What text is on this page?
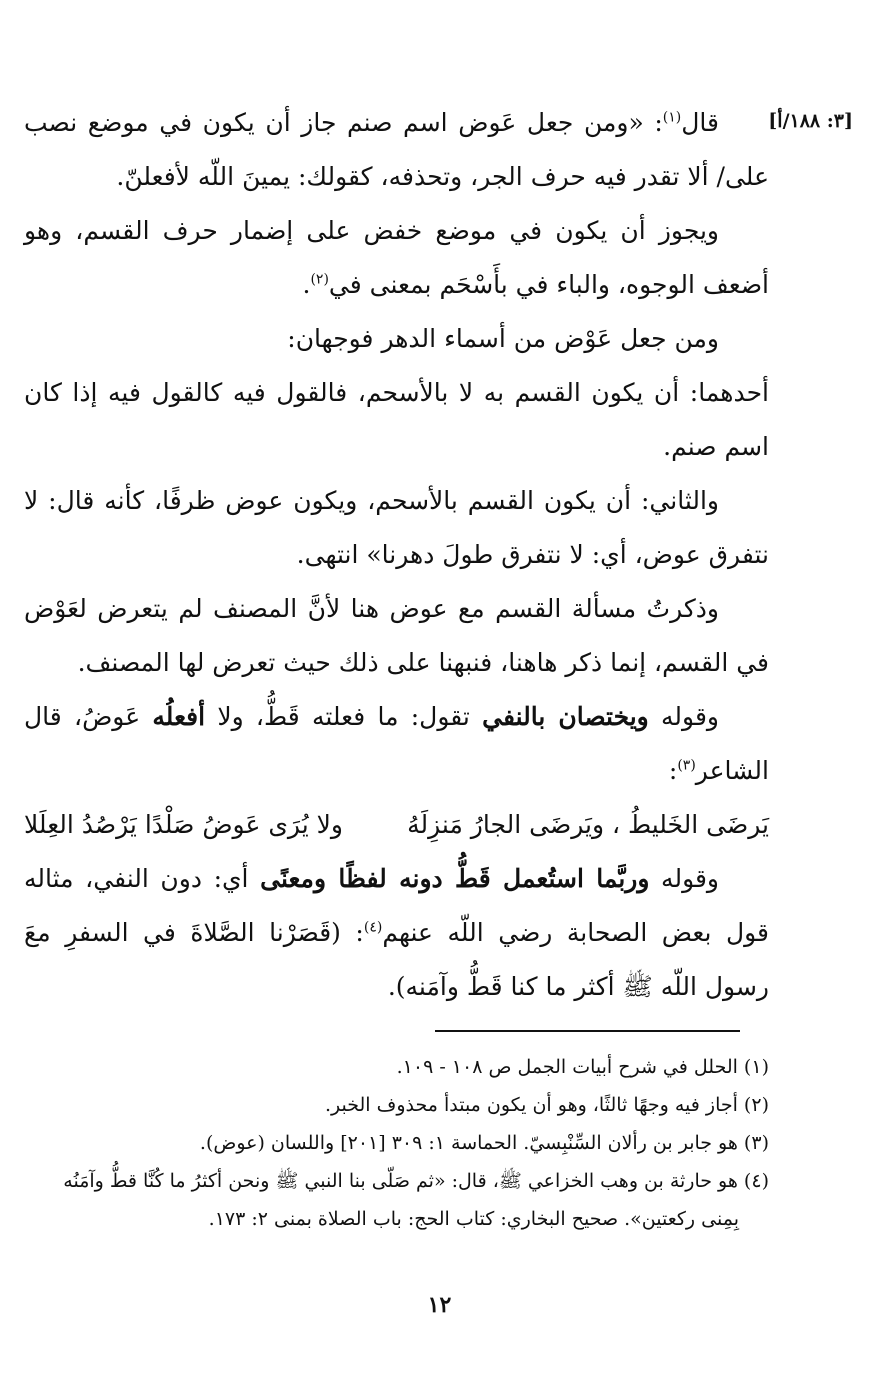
[٣: ١٨٨/أ]

قال$^{(١)}$: «ومن جعل عَوض اسم صنم جاز أن يكون في موضع نصب على/ ألا تقدر فيه حرف الجر، وتحذفه، كقولك: يمينَ اللّه لأفعلنّ.

ويجوز أن يكون في موضع خفض على إضمار حرف القسم، وهو أضعف الوجوه، والباء في بأَسْحَم بمعنى في$^{(٢)}$.

ومن جعل عَوْض من أسماء الدهر فوجهان:

أحدهما: أن يكون القسم به لا بالأسحم، فالقول فيه كالقول فيه إذا كان اسم صنم.

والثاني: أن يكون القسم بالأسحم، ويكون عوض ظرفًا، كأنه قال: لا نتفرق عوض، أي: لا نتفرق طولَ دهرنا» انتهى.

وذكرتُ مسألة القسم مع عوض هنا لأنَّ المصنف لم يتعرض لعَوْض في القسم، إنما ذكر هاهنا، فنبهنا على ذلك حيث تعرض لها المصنف.

وقوله ويختصان بالنفي تقول: ما فعلته قَطُّ، ولا أفعلُه عَوضُ، قال الشاعر$^{(٣)}$:

يَرضَى الخَليطُ ، ويَرضَى الجارُ مَنزِلَهُ
ولا يُرَى عَوضُ صَلْدًا يَرْصُدُ العِلَلا

وقوله وربَّما استُعمل قَطُّ دونه لفظًا ومعنًى أي: دون النفي، مثاله قول بعض الصحابة رضي اللّه عنهم$^{(٤)}$: (قَصَرْنا الصَّلاةَ في السفرِ معَ رسول اللّه ﷺ أكثر ما كنا قَطُّ وآمَنه).

(١) الحلل في شرح أبيات الجمل ص ١٠٨ - ١٠٩.

(٢) أجاز فيه وجهًا ثالثًا، وهو أن يكون مبتدأ محذوف الخبر.

(٣) هو جابر بن رألان السِّنْبِسيّ. الحماسة ١: ٣٠٩ [٢٠١] واللسان (عوض).

(٤) هو حارثة بن وهب الخزاعي ﷺ، قال: «ثم صَلّى بنا النبي ﷺ ونحن أكثرُ ما كُنَّا قطُّ وآمَنُه

بِمِنى ركعتين». صحيح البخاري: كتاب الحج: باب الصلاة بمنى ٢: ١٧٣.

١٢
